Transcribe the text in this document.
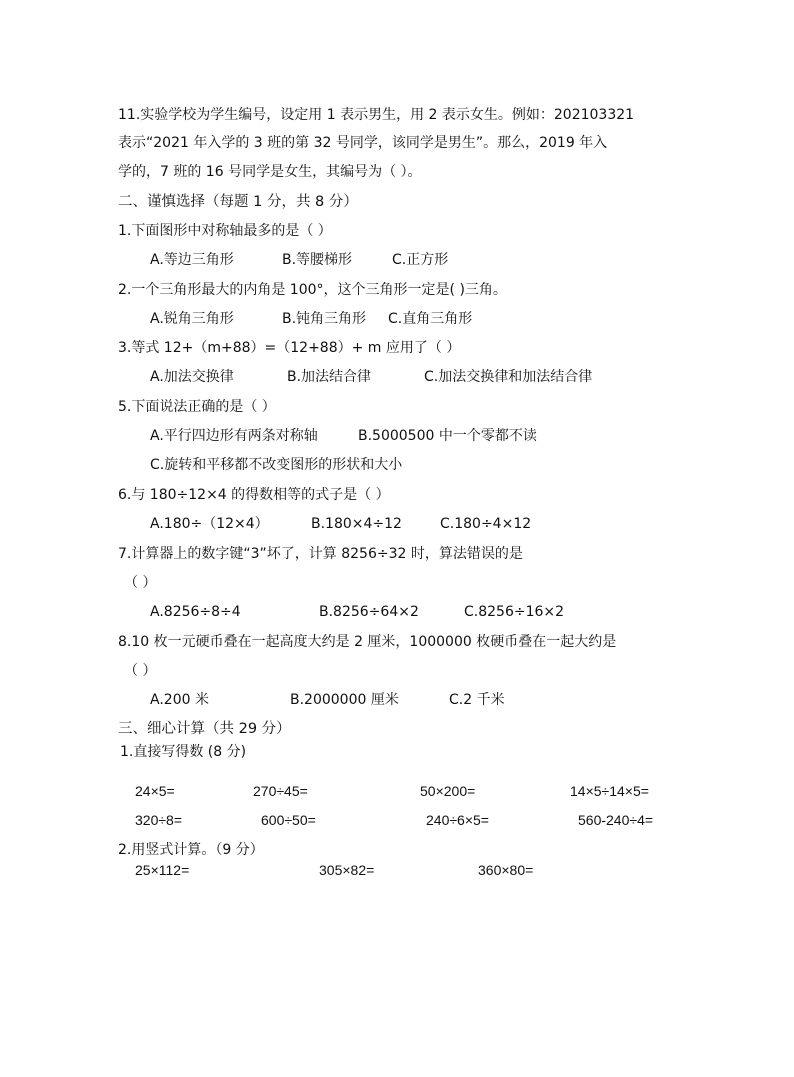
11.实验学校为学生编号，设定用 1 表示男生，用 2 表示女生。例如：202103321
表示“2021 年入学的 3 班的第 32 号同学，该同学是男生”。那么，2019 年入
学的，7 班的 16 号同学是女生，其编号为（ ）。
二、谨慎选择（每题 1 分，共 8 分）
1.下面图形中对称轴最多的是（ ）
A.等边三角形	B.等腰梯形	C.正方形
2.一个三角形最大的内角是 100°，这个三角形一定是( )三角。
A.锐角三角形	B.钝角三角形 C.直角三角形
3.等式 12+（m+88）=（12+88）+ m 应用了（ ）
A.加法交换律	B.加法结合律	C.加法交换律和加法结合律
5.下面说法正确的是（ ）
A.平行四边形有两条对称轴	B.5000500 中一个零都不读
C.旋转和平移都不改变图形的形状和大小
6.与 180÷12×4 的得数相等的式子是（ ）
A.180÷（12×4）	B.180×4÷12	C.180÷4×12
7.计算器上的数字键“3”坏了，计算 8256÷32 时，算法错误的是
（ ）
A.8256÷8÷4	B.8256÷64×2	C.8256÷16×2
8.10 枚一元硬币叠在一起高度大约是 2 厘米，1000000 枚硬币叠在一起大约是
（ ）
A.200 米	B.2000000 厘米	C.2 千米
三、细心计算（共 29 分）
1.直接写得数 (8 分)
24×5=	270÷45=	50×200=	14×5÷14×5=
320÷8=	600÷50=	240÷6×5=	560-240÷4=
2.用竖式计算。（9 分）
25×112=	305×82=	360×80=
